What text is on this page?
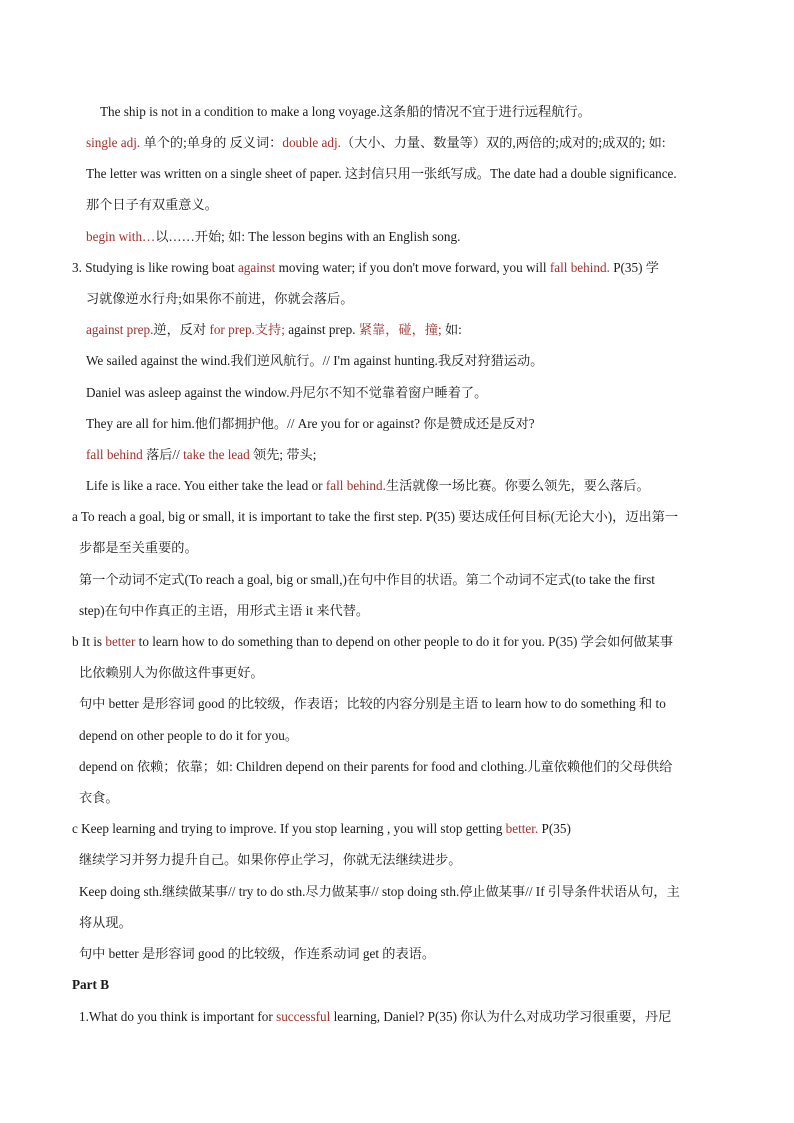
The ship is not in a condition to make a long voyage.这条船的情况不宜于进行远程航行。
single adj. 单个的;单身的 反义词：double adj.（大小、力量、数量等）双的,两倍的;成对的;成双的; 如:
The letter was written on a single sheet of paper. 这封信只用一张纸写成。The date had a double significance.
那个日子有双重意义。
begin with…以……开始; 如: The lesson begins with an English song.
3. Studying is like rowing boat against moving water; if you don't move forward, you will fall behind. P(35) 学
习就像逆水行舟;如果你不前进，你就会落后。
against prep.逆，反对 for prep.支持; against prep. 紧靠，碰，撞; 如:
We sailed against the wind.我们逆风航行。// I'm against hunting.我反对狩猎运动。
Daniel was asleep against the window.丹尼尔不知不觉靠着窗户睡着了。
They are all for him.他们都拥护他。// Are you for or against? 你是赞成还是反对?
fall behind 落后// take the lead 领先; 带头;
Life is like a race. You either take the lead or fall behind.生活就像一场比赛。你要么领先，要么落后。
a To reach a goal, big or small, it is important to take the first step. P(35) 要达成任何目标(无论大小)，迈出第一
步都是至关重要的。
第一个动词不定式(To reach a goal, big or small,)在句中作目的状语。第二个动词不定式(to take the first
step)在句中作真正的主语，用形式主语 it 来代替。
b It is better to learn how to do something than to depend on other people to do it for you. P(35) 学会如何做某事
比依赖别人为你做这件事更好。
句中 better 是形容词 good 的比较级，作表语；比较的内容分别是主语 to learn how to do something 和 to
depend on other people to do it for you。
depend on 依赖；依靠；如: Children depend on their parents for food and clothing.儿童依赖他们的父母供给
衣食。
c Keep learning and trying to improve. If you stop learning , you will stop getting better. P(35)
继续学习并努力提升自己。如果你停止学习，你就无法继续进步。
Keep doing sth.继续做某事// try to do sth.尽力做某事// stop doing sth.停止做某事// If 引导条件状语从句，主
将从现。
句中 better 是形容词 good 的比较级，作连系动词 get 的表语。
Part B
1.What do you think is important for successful learning, Daniel? P(35) 你认为什么对成功学习很重要，丹尼
